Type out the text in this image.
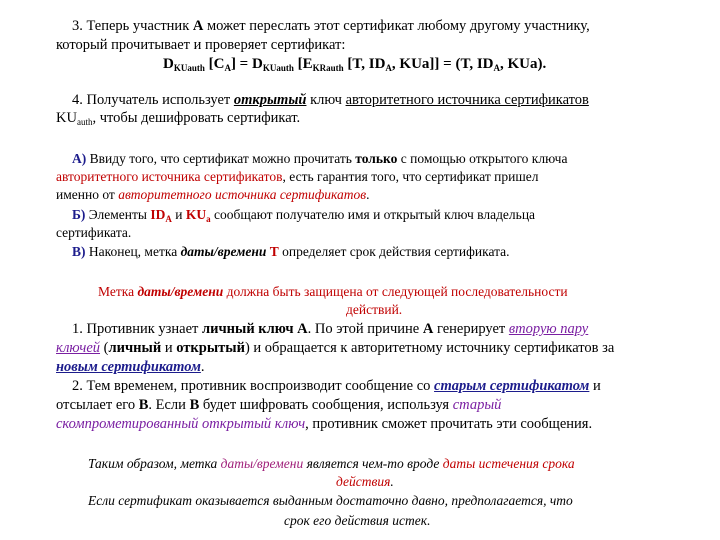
3. Теперь участник А может переслать этот сертификат любому другому участнику,

который прочитывает и проверяет сертификат:

$D_{KUauth}$ $[C_A] = D_{KUauth}$ [$E_{KRauth}$ [T, $ID_A$, KUa]] = (T, $ID_A$, KUa).

4. Получатель использует открытый ключ авторитетного источника сертификатов

$KU_{auth}$, чтобы дешифровать сертификат.

А) Ввиду того, что сертификат можно прочитать только с помощью открытого ключа

авторитетного источника сертификатов, есть гарантия того, что сертификат пришел

именно от авторитетного источника сертификатов.

Б) Элементы $ID_A$ и $KU_a$ сообщают получателю имя и открытый ключ владельца

сертификата.

В) Наконец, метка даты/времени Т определяет срок действия сертификата.

Метка даты/времени должна быть защищена от следующей последовательности

действий.

1. Противник узнает личный ключ А. По этой причине А генерирует вторую пару

ключей (личный и открытый) и обращается к авторитетному источнику сертификатов за

новым сертификатом.

2. Тем временем, противник воспроизводит сообщение со старым сертификатом и

отсылает его В. Если В будет шифровать сообщения, используя старый

скомпрометированный открытый ключ, противник сможет прочитать эти сообщения.

Таким образом, метка даты/времени является чем-то вроде даты истечения срока

действия.

Если сертификат оказывается выданным достаточно давно, предполагается, что

срок его действия истек.
